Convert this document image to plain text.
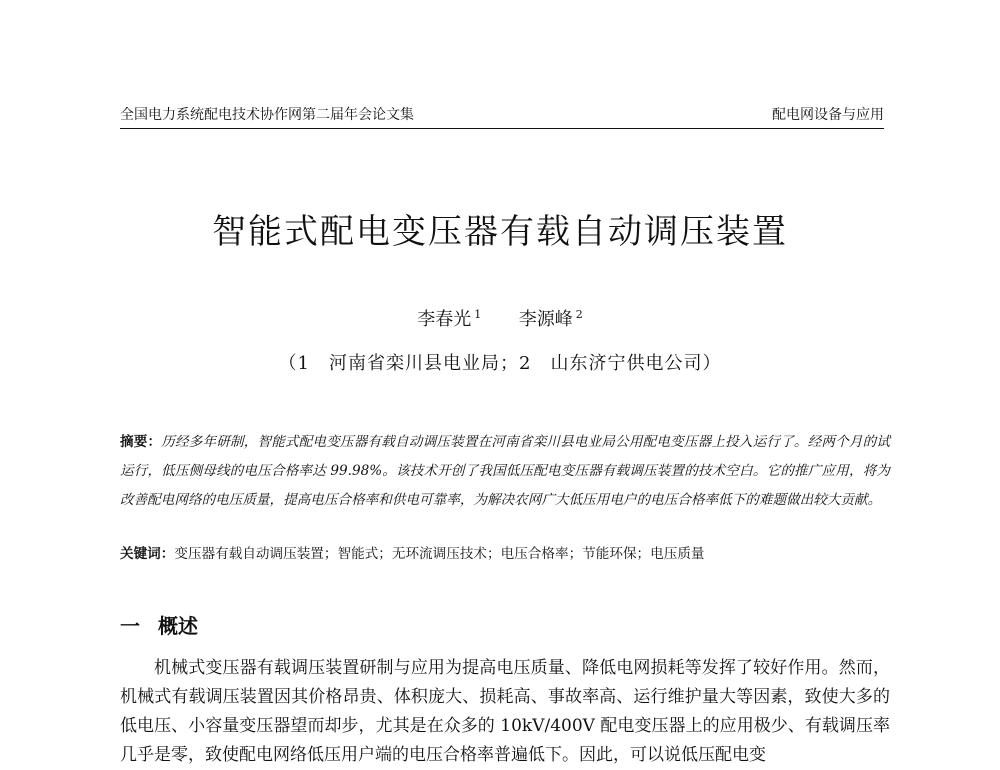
全国电力系统配电技术协作网第二届年会论文集	配电网设备与应用
智能式配电变压器有载自动调压装置
李春光 $^1$ 李源峰 $^2$
（1　河南省栾川县电业局；2　山东济宁供电公司）
摘要：历经多年研制，智能式配电变压器有载自动调压装置在河南省栾川县电业局公用配电变压器上投入运行了。经两个月的试运行，低压侧母线的电压合格率达 99.98%。该技术开创了我国低压配电变压器有载调压装置的技术空白。它的推广应用，将为改善配电网络的电压质量，提高电压合格率和供电可靠率，为解决农网广大低压用电户的电压合格率低下的难题做出较大贡献。
关键词：变压器有载自动调压装置；智能式；无环流调压技术；电压合格率；节能环保；电压质量
一 概述
机械式变压器有载调压装置研制与应用为提高电压质量、降低电网损耗等发挥了较好作用。然而，机械式有载调压装置因其价格昂贵、体积庞大、损耗高、事故率高、运行维护量大等因素，致使大多的低电压、小容量变压器望而却步，尤其是在众多的 10kV/400V 配电变压器上的应用极少、有载调压率几乎是零，致使配电网络低压用户端的电压合格率普遍低下。因此，可以说低压配电变
